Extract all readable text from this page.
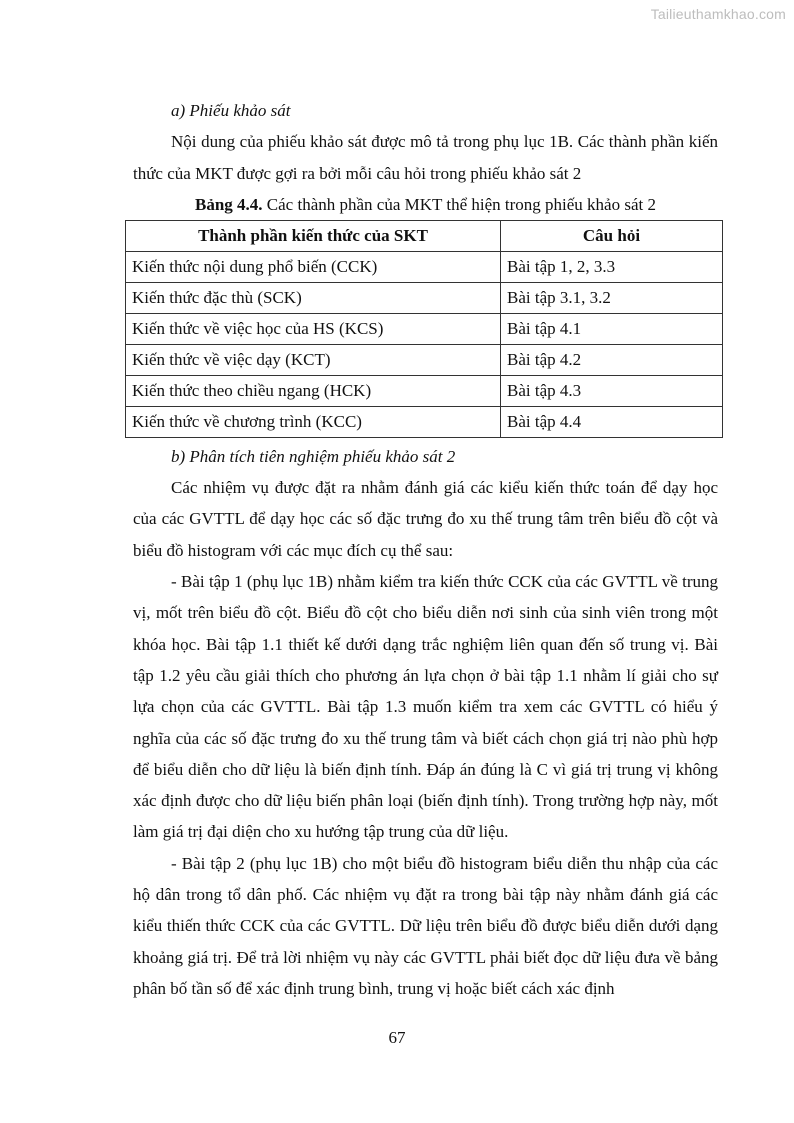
Tailieuthamkhao.com

a) Phiếu khảo sát

Nội dung của phiếu khảo sát được mô tả trong phụ lục 1B. Các thành phần kiến thức của MKT được gợi ra bởi mỗi câu hỏi trong phiếu khảo sát 2

Bảng 4.4. Các thành phần của MKT thể hiện trong phiếu khảo sát 2

Thành phần kiến thức của SKT	Câu hỏi
Kiến thức nội dung phổ biến (CCK)	Bài tập 1, 2, 3.3
Kiến thức đặc thù (SCK)	Bài tập 3.1, 3.2
Kiến thức về việc học của HS (KCS)	Bài tập 4.1
Kiến thức về việc dạy (KCT)	Bài tập 4.2
Kiến thức theo chiều ngang (HCK)	Bài tập 4.3
Kiến thức về chương trình (KCC)	Bài tập 4.4

b) Phân tích tiên nghiệm phiếu khảo sát 2

Các nhiệm vụ được đặt ra nhằm đánh giá các kiểu kiến thức toán để dạy học của các GVTTL để dạy học các số đặc trưng đo xu thế trung tâm trên biểu đồ cột và biểu đồ histogram với các mục đích cụ thể sau:

- Bài tập 1 (phụ lục 1B) nhằm kiểm tra kiến thức CCK của các GVTTL về trung vị, mốt trên biểu đồ cột. Biểu đồ cột cho biểu diễn nơi sinh của sinh viên trong một khóa học. Bài tập 1.1 thiết kế dưới dạng trắc nghiệm liên quan đến số trung vị. Bài tập 1.2 yêu cầu giải thích cho phương án lựa chọn ở bài tập 1.1 nhằm lí giải cho sự lựa chọn của các GVTTL. Bài tập 1.3 muốn kiểm tra xem các GVTTL có hiểu ý nghĩa của các số đặc trưng đo xu thế trung tâm và biết cách chọn giá trị nào phù hợp để biểu diễn cho dữ liệu là biến định tính. Đáp án đúng là C vì giá trị trung vị không xác định được cho dữ liệu biến phân loại (biến định tính). Trong trường hợp này, mốt làm giá trị đại diện cho xu hướng tập trung của dữ liệu.

- Bài tập 2 (phụ lục 1B) cho một biểu đồ histogram biểu diễn thu nhập của các hộ dân trong tổ dân phố. Các nhiệm vụ đặt ra trong bài tập này nhằm đánh giá các kiểu thiến thức CCK của các GVTTL. Dữ liệu trên biểu đồ được biểu diễn dưới dạng khoảng giá trị. Để trả lời nhiệm vụ này các GVTTL phải biết đọc dữ liệu đưa về bảng phân bố tần số để xác định trung bình, trung vị hoặc biết cách xác định

67
